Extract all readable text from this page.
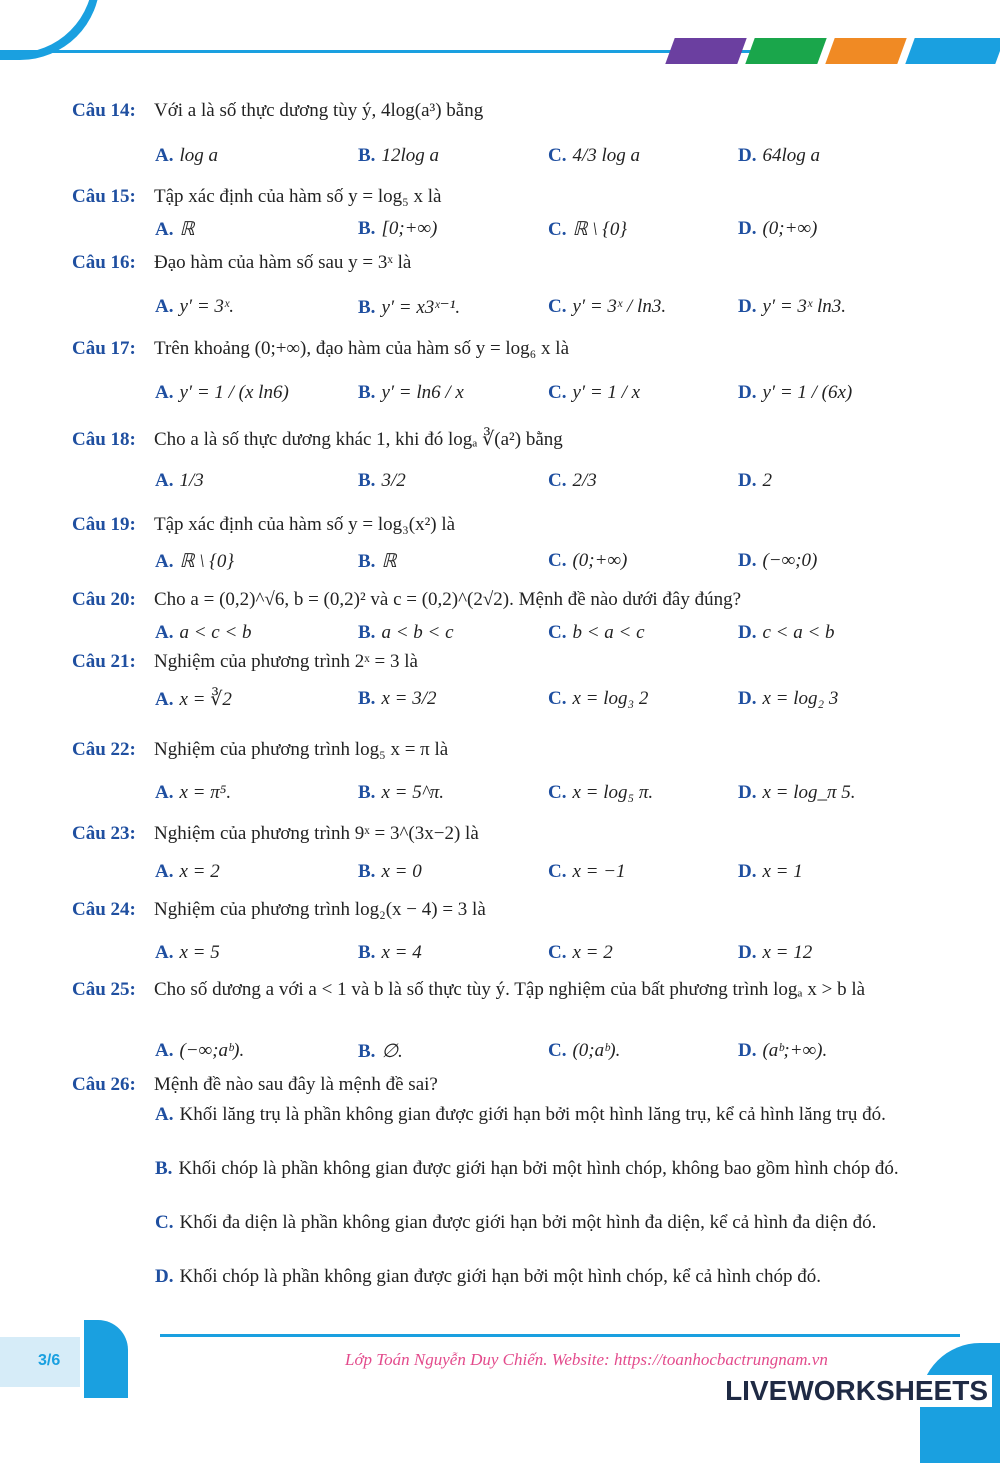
Câu 14: Với a là số thực dương tùy ý, 4log(a³) bằng
A. log a	B. 12log a	C. 4/3 log a	D. 64log a
Câu 15: Tập xác định của hàm số y = log₅ x là
A. ℝ	B. [0;+∞)	C. ℝ \ {0}	D. (0;+∞)
Câu 16: Đạo hàm của hàm số sau y = 3ˣ là
A. y′ = 3ˣ.	B. y′ = x3ˣ⁻¹.	C. y′ = 3ˣ / ln3.	D. y′ = 3ˣ ln3.
Câu 17: Trên khoảng (0;+∞), đạo hàm của hàm số y = log₆ x là
A. y′ = 1 / (x ln6)	B. y′ = ln6 / x	C. y′ = 1 / x	D. y′ = 1 / (6x)
Câu 18: Cho a là số thực dương khác 1, khi đó logₐ ∛(a²) bằng
A. 1/3	B. 3/2	C. 2/3	D. 2
Câu 19: Tập xác định của hàm số y = log₃(x²) là
A. ℝ \ {0}	B. ℝ	C. (0;+∞)	D. (−∞;0)
Câu 20: Cho a = (0,2)^√6, b = (0,2)² và c = (0,2)^(2√2). Mệnh đề nào dưới đây đúng?
A. a < c < b	B. a < b < c	C. b < a < c	D. c < a < b
Câu 21: Nghiệm của phương trình 2ˣ = 3 là
A. x = ∛2	B. x = 3/2	C. x = log₃ 2	D. x = log₂ 3
Câu 22: Nghiệm của phương trình log₅ x = π là
A. x = π⁵.	B. x = 5^π.	C. x = log₅ π.	D. x = log_π 5.
Câu 23: Nghiệm của phương trình 9ˣ = 3^(3x−2) là
A. x = 2	B. x = 0	C. x = −1	D. x = 1
Câu 24: Nghiệm của phương trình log₂(x − 4) = 3 là
A. x = 5	B. x = 4	C. x = 2	D. x = 12
Câu 25: Cho số dương a với a < 1 và b là số thực tùy ý. Tập nghiệm của bất phương trình logₐ x > b là
A. (−∞;aᵇ).	B. ∅.	C. (0;aᵇ).	D. (aᵇ;+∞).
Câu 26: Mệnh đề nào sau đây là mệnh đề sai?
A. Khối lăng trụ là phần không gian được giới hạn bởi một hình lăng trụ, kể cả hình lăng trụ đó.
B. Khối chóp là phần không gian được giới hạn bởi một hình chóp, không bao gồm hình chóp đó.
C. Khối đa diện là phần không gian được giới hạn bởi một hình đa diện, kể cả hình đa diện đó.
D. Khối chóp là phần không gian được giới hạn bởi một hình chóp, kể cả hình chóp đó.
3/6	Lớp Toán Nguyễn Duy Chiến. Website: https://toanhocbactrungnam.vn
LIVEWORKSHEETS
